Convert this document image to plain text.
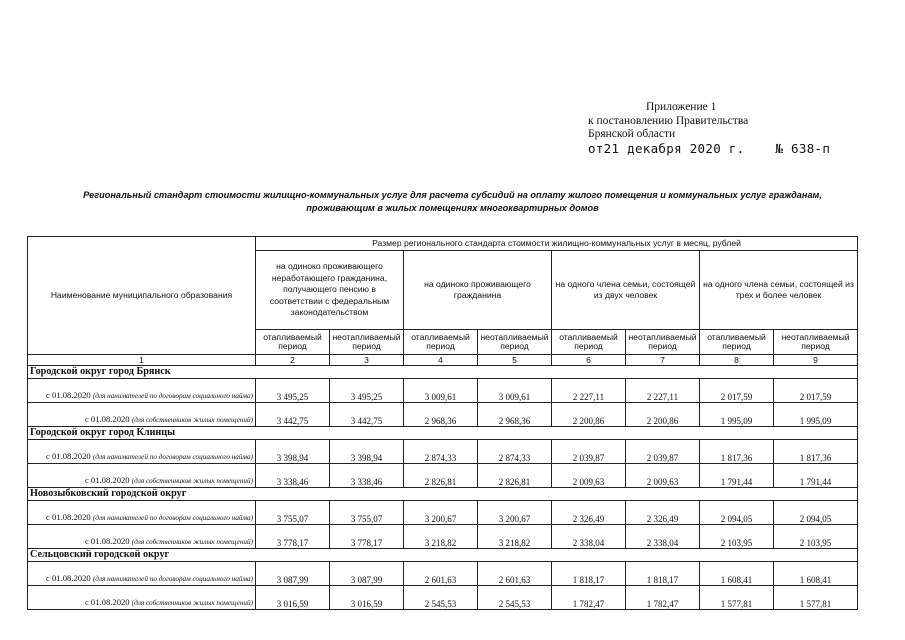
Приложение 1
к постановлению Правительства
Брянской области
от21 декабря 2020 г. № 638-п
Региональный стандарт стоимости жилищно-коммунальных услуг для расчета субсидий на оплату жилого помещения и коммунальных услуг гражданам,
проживающим в жилых помещениях многоквартирных домов
Наименование муниципального образования	Размер регионального стандарта стоимости жилищно-коммунальных услуг в месяц, рублей							
	на одиноко проживающего неработающего гражданина, получающего пенсию в соответствии с федеральным законодательством		на одиноко проживающего гражданина		на одного члена семьи, состоящей из двух человек		на одного члена семьи, состоящей из трех и более человек	
	отапливаемый период	неотапливаемый период	отапливаемый период	неотапливаемый период	отапливаемый период	неотапливаемый период	отапливаемый период	неотапливаемый период
1	2	3	4	5	6	7	8	9
Городской округ город Брянск								
с 01.08.2020 (для нанимателей по договорам социального найма)	3 495,25	3 495,25	3 009,61	3 009,61	2 227,11	2 227,11	2 017,59	2 017,59
с 01.08.2020 (для собственников жилых помещений)	3 442,75	3 442,75	2 968,36	2 968,36	2 200,86	2 200,86	1 995,09	1 995,09
Городской округ город Клинцы								
с 01.08.2020 (для нанимателей по договорам социального найма)	3 398,94	3 398,94	2 874,33	2 874,33	2 039,87	2 039,87	1 817,36	1 817,36
с 01.08.2020 (для собственников жилых помещений)	3 338,46	3 338,46	2 826,81	2 826,81	2 009,63	2 009,63	1 791,44	1 791,44
Новозыбковский городской округ								
с 01.08.2020 (для нанимателей по договорам социального найма)	3 755,07	3 755,07	3 200,67	3 200,67	2 326,49	2 326,49	2 094,05	2 094,05
с 01.08.2020 (для собственников жилых помещений)	3 778,17	3 778,17	3 218,82	3 218,82	2 338,04	2 338,04	2 103,95	2 103,95
Сельцовский городской округ								
с 01.08.2020 (для нанимателей по договорам социального найма)	3 087,99	3 087,99	2 601,63	2 601,63	1 818,17	1 818,17	1 608,41	1 608,41
с 01.08.2020 (для собственников жилых помещений)	3 016,59	3 016,59	2 545,53	2 545,53	1 782,47	1 782,47	1 577,81	1 577,81
